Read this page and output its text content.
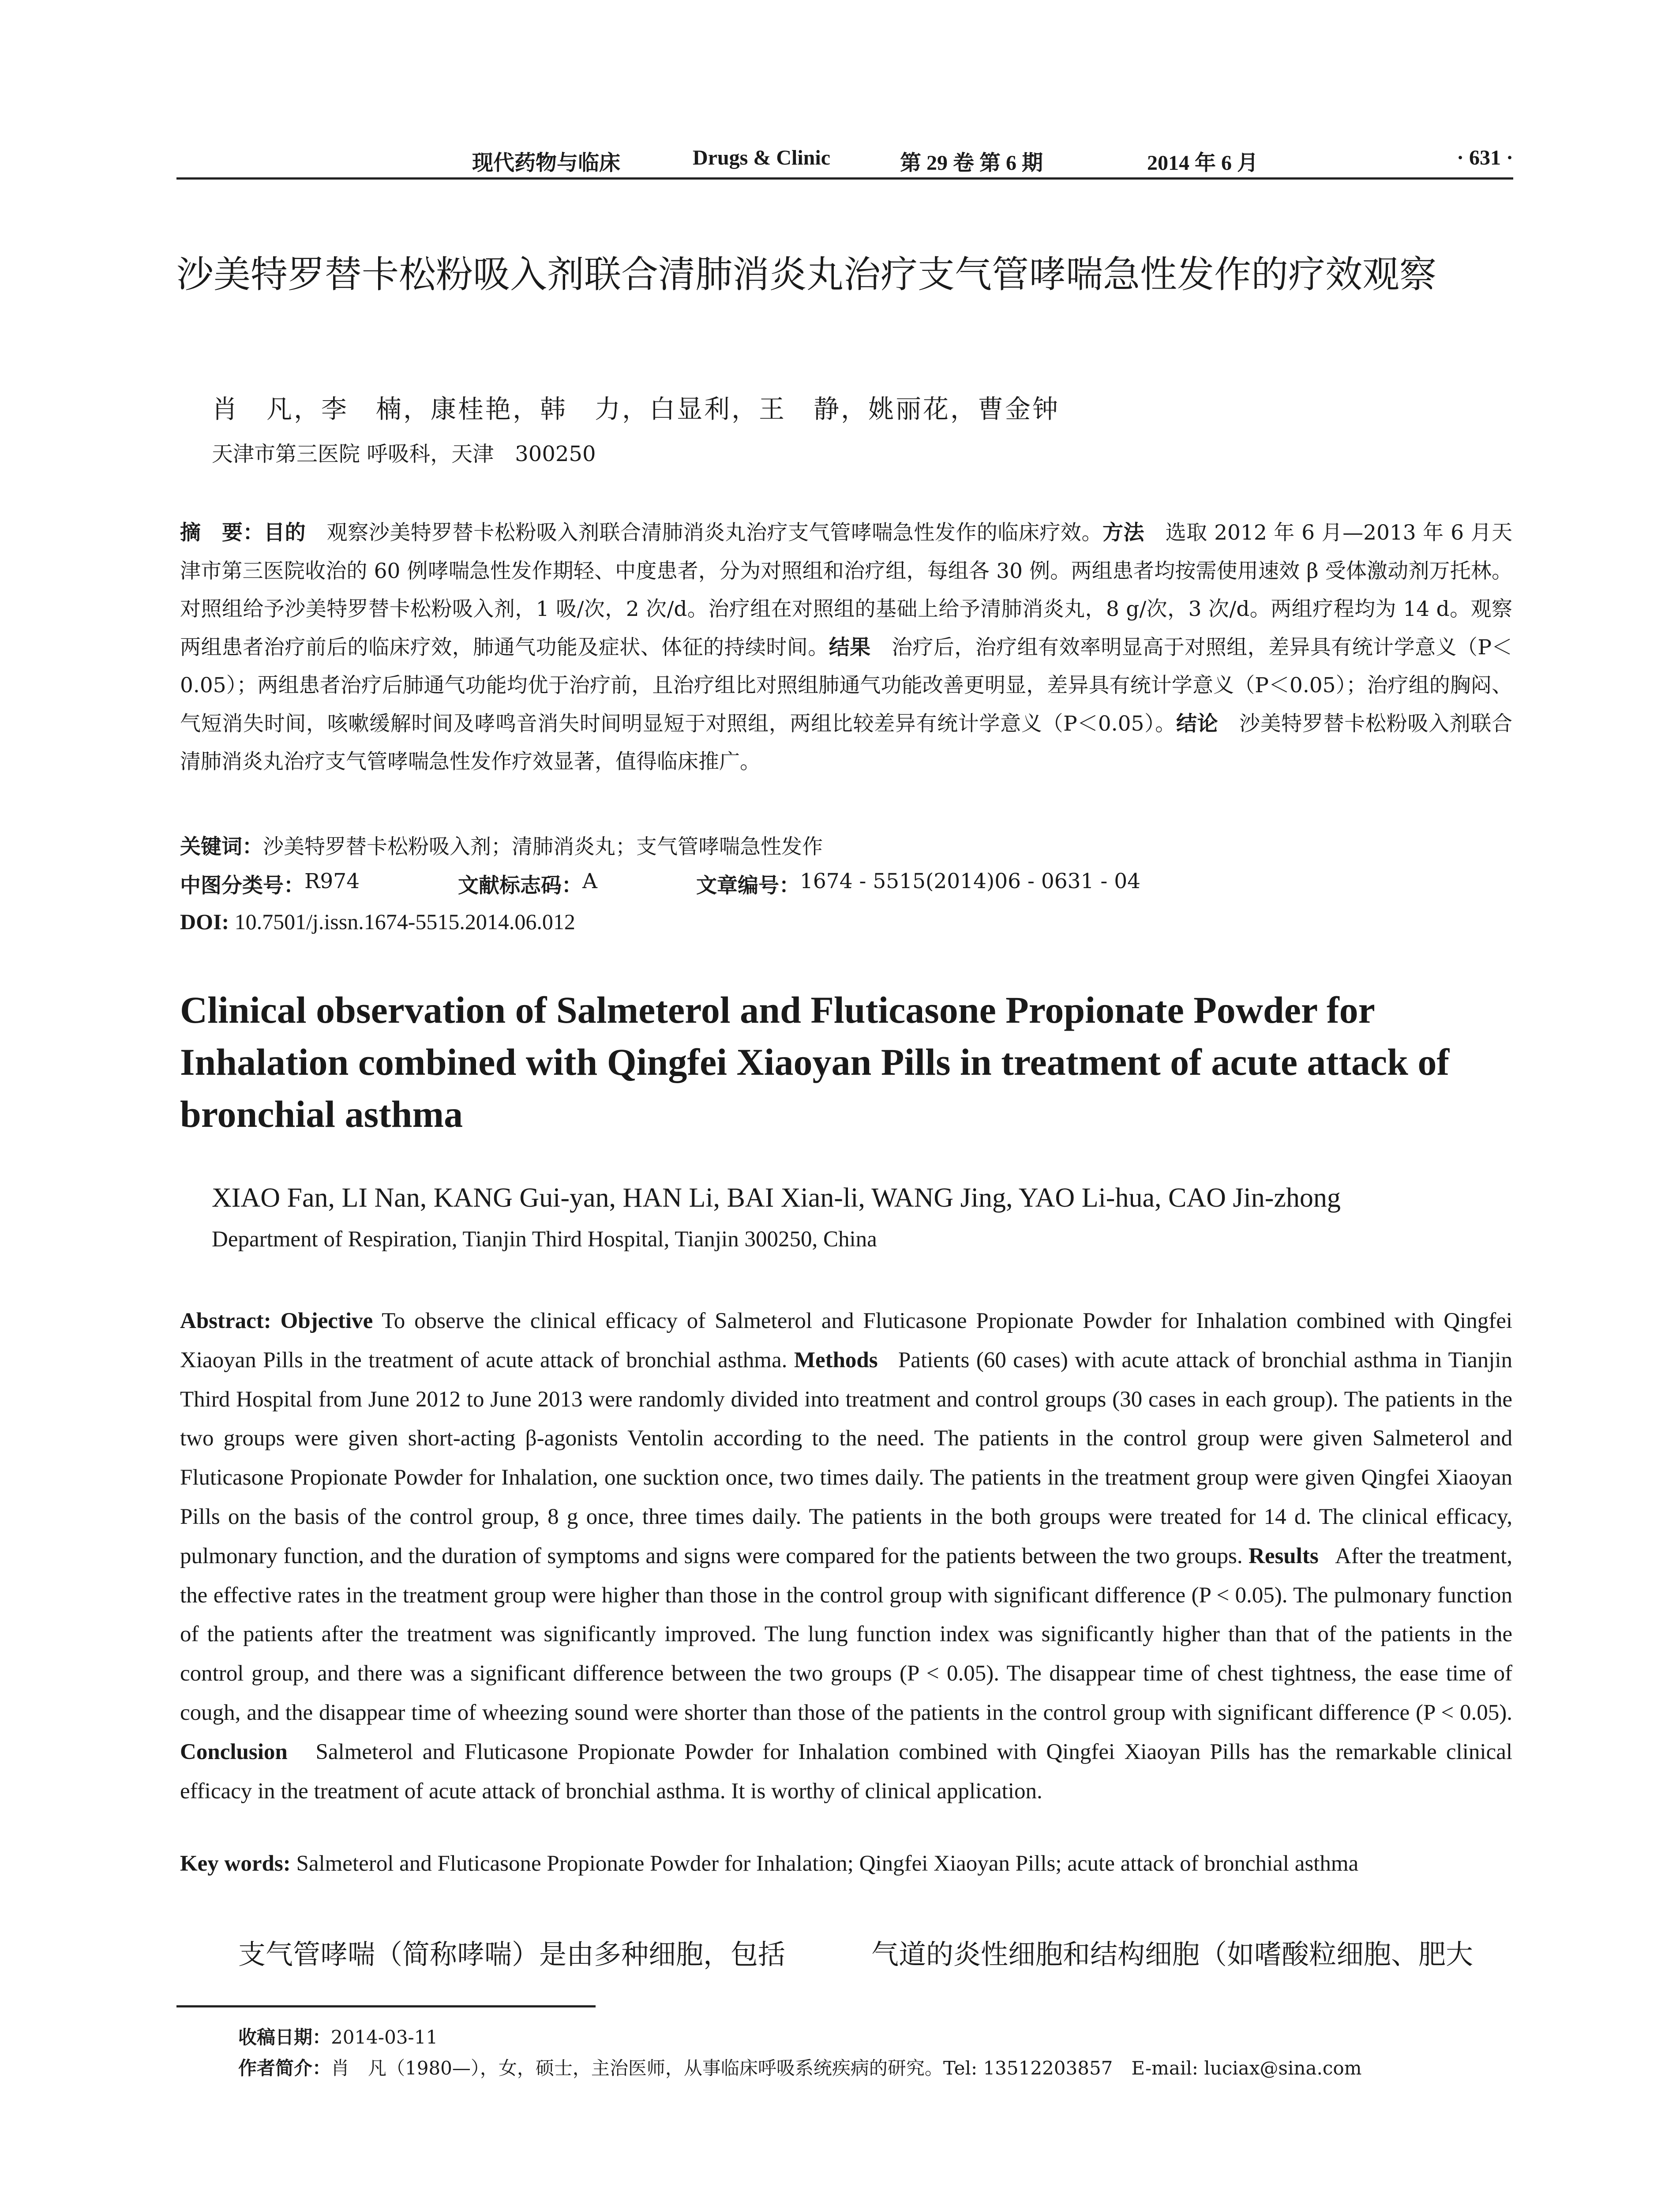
现代药物与临床	Drugs & Clinic	第 29 卷 第 6 期	2014 年 6 月	· 631 ·
沙美特罗替卡松粉吸入剂联合清肺消炎丸治疗支气管哮喘急性发作的疗效观察
肖　凡，李　楠，康桂艳，韩　力，白显利，王　静，姚丽花，曹金钟
天津市第三医院 呼吸科，天津　300250
摘　要：目的　 观察沙美特罗替卡松粉吸入剂联合清肺消炎丸治疗支气管哮喘急性发作的临床疗效。方法　 选取 2012 年 6 月—2013 年 6 月天津市第三医院收治的 60 例哮喘急性发作期轻、中度患者，分为对照组和治疗组，每组各 30 例。两组患者均按需使用速效 β 受体激动剂万托林。对照组给予沙美特罗替卡松粉吸入剂，1 吸/次，2 次/d。治疗组在对照组的基础上给予清肺消炎丸，8 g/次，3 次/d。两组疗程均为 14 d。观察两组患者治疗前后的临床疗效，肺通气功能及症状、体征的持续时间。结果　 治疗后，治疗组有效率明显高于对照组，差异具有统计学意义（P＜0.05）；两组患者治疗后肺通气功能均优于治疗前，且治疗组比对照组肺通气功能改善更明显，差异具有统计学意义（P＜0.05）；治疗组的胸闷、气短消失时间，咳嗽缓解时间及哮鸣音消失时间明显短于对照组，两组比较差异有统计学意义（P＜0.05）。结论　 沙美特罗替卡松粉吸入剂联合清肺消炎丸治疗支气管哮喘急性发作疗效显著，值得临床推广。
关键词：沙美特罗替卡松粉吸入剂；清肺消炎丸；支气管哮喘急性发作
中图分类号： R974	文献标志码： A	文章编号： 1674 - 5515(2014)06 - 0631 - 04
DOI: 10.7501/j.issn.1674-5515.2014.06.012
Clinical observation of Salmeterol and Fluticasone Propionate Powder for Inhalation combined with Qingfei Xiaoyan Pills in treatment of acute attack of bronchial asthma
XIAO Fan, LI Nan, KANG Gui-yan, HAN Li, BAI Xian-li, WANG Jing, YAO Li-hua, CAO Jin-zhong
Department of Respiration, Tianjin Third Hospital, Tianjin 300250, China
Abstract: Objective To observe the clinical efficacy of Salmeterol and Fluticasone Propionate Powder for Inhalation combined with Qingfei Xiaoyan Pills in the treatment of acute attack of bronchial asthma. Methods Patients (60 cases) with acute attack of bronchial asthma in Tianjin Third Hospital from June 2012 to June 2013 were randomly divided into treatment and control groups (30 cases in each group). The patients in the two groups were given short-acting β-agonists Ventolin according to the need. The patients in the control group were given Salmeterol and Fluticasone Propionate Powder for Inhalation, one sucktion once, two times daily. The patients in the treatment group were given Qingfei Xiaoyan Pills on the basis of the control group, 8 g once, three times daily. The patients in the both groups were treated for 14 d. The clinical efficacy, pulmonary function, and the duration of symptoms and signs were compared for the patients between the two groups. Results After the treatment, the effective rates in the treatment group were higher than those in the control group with significant difference (P < 0.05). The pulmonary function of the patients after the treatment was significantly improved. The lung function index was significantly higher than that of the patients in the control group, and there was a significant difference between the two groups (P < 0.05). The disappear time of chest tightness, the ease time of cough, and the disappear time of wheezing sound were shorter than those of the patients in the control group with significant difference (P < 0.05). Conclusion Salmeterol and Fluticasone Propionate Powder for Inhalation combined with Qingfei Xiaoyan Pills has the remarkable clinical efficacy in the treatment of acute attack of bronchial asthma. It is worthy of clinical application.
Key words: Salmeterol and Fluticasone Propionate Powder for Inhalation; Qingfei Xiaoyan Pills; acute attack of bronchial asthma
支气管哮喘（简称哮喘）是由多种细胞，包括	气道的炎性细胞和结构细胞（如嗜酸粒细胞、肥大
收稿日期：2014-03-11
作者简介：肖　凡（1980—），女，硕士，主治医师，从事临床呼吸系统疾病的研究。Tel: 13512203857　E-mail: luciax@sina.com
